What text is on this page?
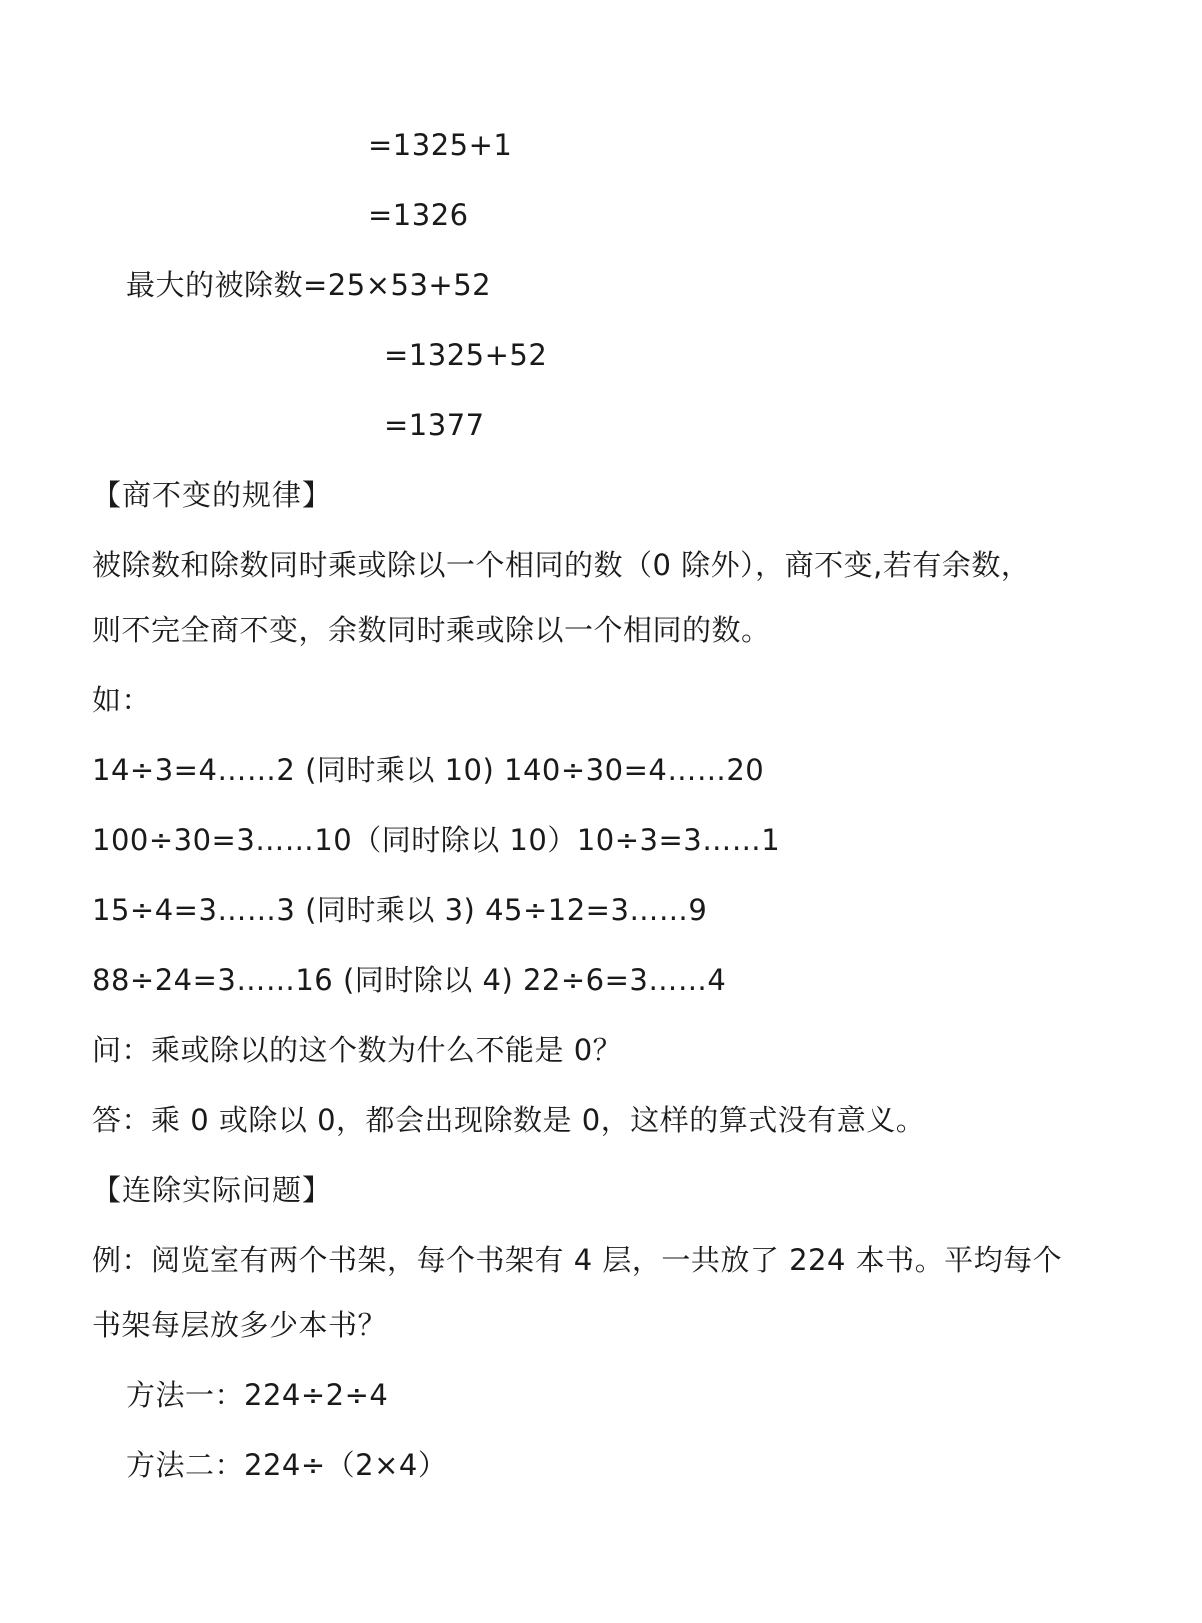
=1325+1
=1326
最大的被除数=25×53+52
=1325+52
=1377
【商不变的规律】
被除数和除数同时乘或除以一个相同的数（0 除外），商不变,若有余数，
则不完全商不变，余数同时乘或除以一个相同的数。
如：
14÷3=4……2 (同时乘以 10) 140÷30=4……20
100÷30=3……10（同时除以 10）10÷3=3……1
15÷4=3……3 (同时乘以 3) 45÷12=3……9
88÷24=3……16 (同时除以 4) 22÷6=3……4
问：乘或除以的这个数为什么不能是 0？
答：乘 0 或除以 0，都会出现除数是 0，这样的算式没有意义。
【连除实际问题】
例：阅览室有两个书架，每个书架有 4 层，一共放了 224 本书。平均每个
书架每层放多少本书？
方法一：224÷2÷4
方法二：224÷（2×4）
